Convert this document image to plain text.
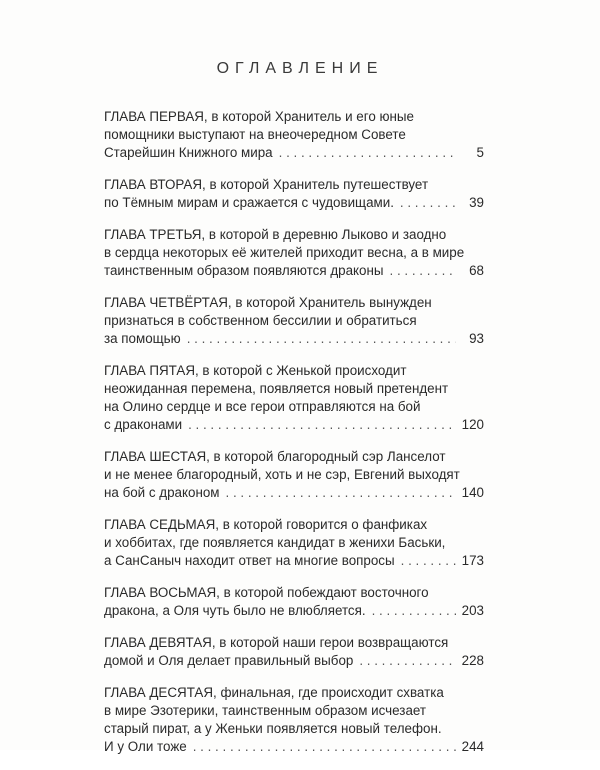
ОГЛАВЛЕНИЕ
ГЛАВА ПЕРВАЯ, в которой Хранитель и его юные
помощники выступают на внеочередном Совете
Старейшин Книжного мира . . .	5
ГЛАВА ВТОРАЯ, в которой Хранитель путешествует
по Тёмным мирам и сражается с чудовищами. . . .	39
ГЛАВА ТРЕТЬЯ, в которой в деревню Лыково и заодно
в сердца некоторых её жителей приходит весна, а в мире
таинственным образом появляются драконы . . .	68
ГЛАВА ЧЕТВЁРТАЯ, в которой Хранитель вынужден
признаться в собственном бессилии и обратиться
за помощью . . .	93
ГЛАВА ПЯТАЯ, в которой с Женькой происходит
неожиданная перемена, появляется новый претендент
на Олино сердце и все герои отправляются на бой
с драконами . . .	120
ГЛАВА ШЕСТАЯ, в которой благородный сэр Ланселот
и не менее благородный, хоть и не сэр, Евгений выходят
на бой с драконом . . .	140
ГЛАВА СЕДЬМАЯ, в которой говорится о фанфиках
и хоббитах, где появляется кандидат в женихи Баськи,
а СанСаныч находит ответ на многие вопросы . . .	173
ГЛАВА ВОСЬМАЯ, в которой побеждают восточного
дракона, а Оля чуть было не влюбляется. . . .	203
ГЛАВА ДЕВЯТАЯ, в которой наши герои возвращаются
домой и Оля делает правильный выбор . . .	228
ГЛАВА ДЕСЯТАЯ, финальная, где происходит схватка
в мире Эзотерики, таинственным образом исчезает
старый пират, а у Женьки появляется новый телефон.
И у Оли тоже . . .	244
